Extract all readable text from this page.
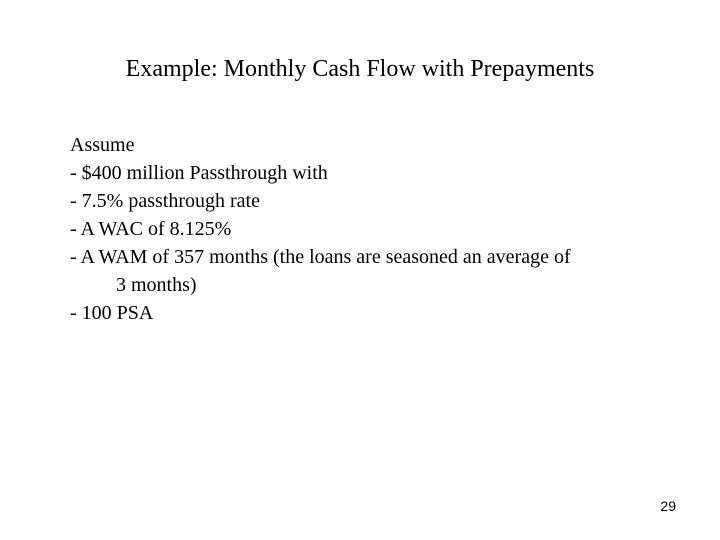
Example: Monthly Cash Flow with Prepayments
Assume
- $400 million Passthrough with
- 7.5% passthrough rate
- A WAC of 8.125%
- A WAM of 357 months (the loans are seasoned an average of
3 months)
- 100 PSA
29
